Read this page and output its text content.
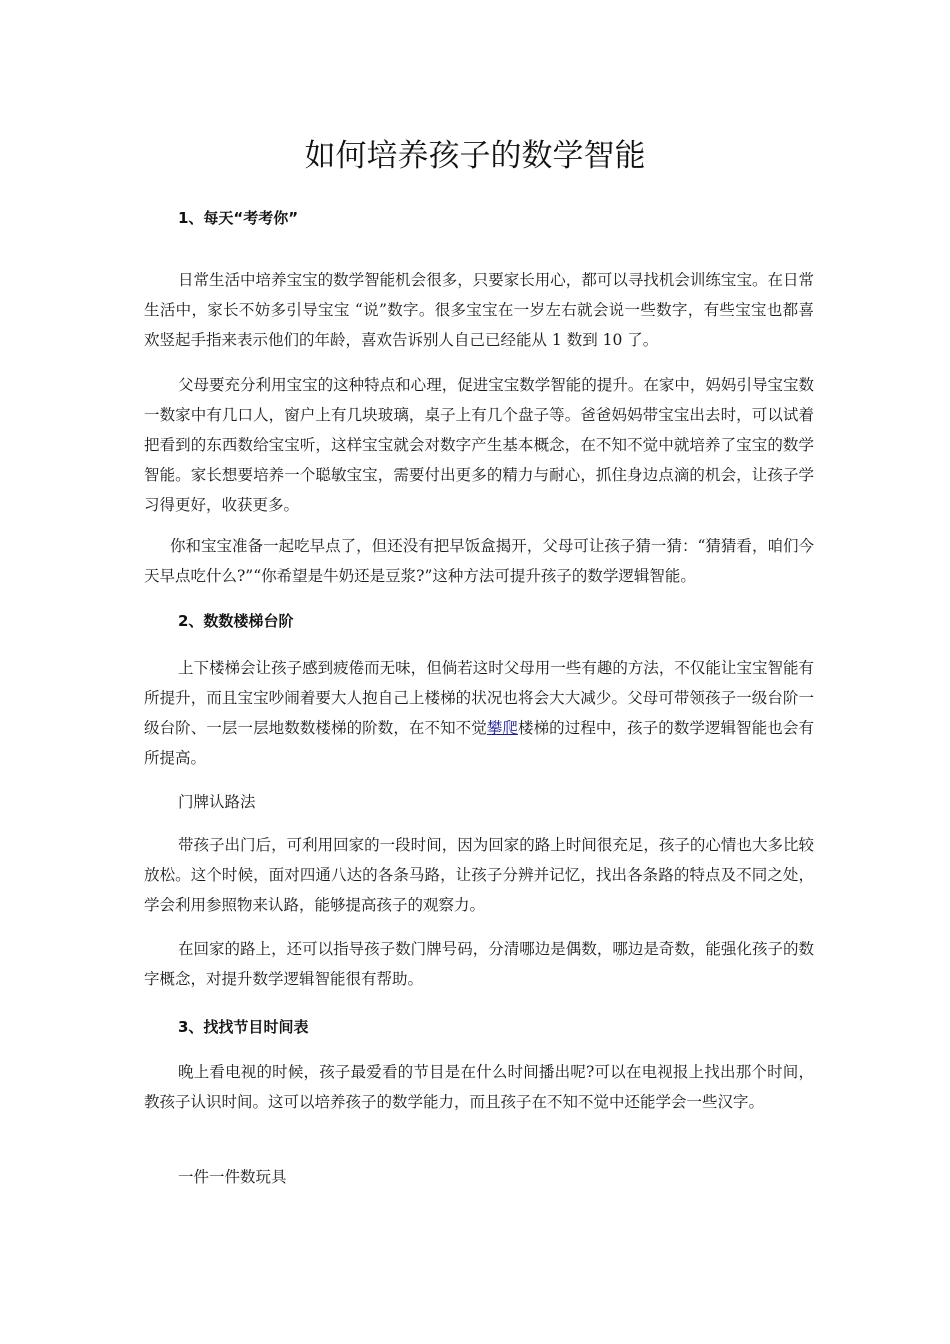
如何培养孩子的数学智能
1、每天“考考你”
日常生活中培养宝宝的数学智能机会很多，只要家长用心，都可以寻找机会训练宝宝。在日常生活中，家长不妨多引导宝宝 “说”数字。很多宝宝在一岁左右就会说一些数字，有些宝宝也都喜欢竖起手指来表示他们的年龄，喜欢告诉别人自己已经能从 1 数到 10 了。
父母要充分利用宝宝的这种特点和心理，促进宝宝数学智能的提升。在家中，妈妈引导宝宝数一数家中有几口人，窗户上有几块玻璃，桌子上有几个盘子等。爸爸妈妈带宝宝出去时，可以试着把看到的东西数给宝宝听，这样宝宝就会对数字产生基本概念，在不知不觉中就培养了宝宝的数学智能。家长想要培养一个聪敏宝宝，需要付出更多的精力与耐心，抓住身边点滴的机会，让孩子学习得更好，收获更多。
你和宝宝准备一起吃早点了，但还没有把早饭盒揭开，父母可让孩子猜一猜：“猜猜看，咱们今天早点吃什么?”“你希望是牛奶还是豆浆?”这种方法可提升孩子的数学逻辑智能。
2、数数楼梯台阶
上下楼梯会让孩子感到疲倦而无味，但倘若这时父母用一些有趣的方法，不仅能让宝宝智能有所提升，而且宝宝吵闹着要大人抱自己上楼梯的状况也将会大大减少。父母可带领孩子一级台阶一级台阶、一层一层地数数楼梯的阶数，在不知不觉攀爬楼梯的过程中，孩子的数学逻辑智能也会有所提高。
门牌认路法
带孩子出门后，可利用回家的一段时间，因为回家的路上时间很充足，孩子的心情也大多比较放松。这个时候，面对四通八达的各条马路，让孩子分辨并记忆，找出各条路的特点及不同之处，学会利用参照物来认路，能够提高孩子的观察力。
在回家的路上，还可以指导孩子数门牌号码，分清哪边是偶数，哪边是奇数，能强化孩子的数字概念，对提升数学逻辑智能很有帮助。
3、找找节目时间表
晚上看电视的时候，孩子最爱看的节目是在什么时间播出呢?可以在电视报上找出那个时间，教孩子认识时间。这可以培养孩子的数学能力，而且孩子在不知不觉中还能学会一些汉字。
一件一件数玩具
